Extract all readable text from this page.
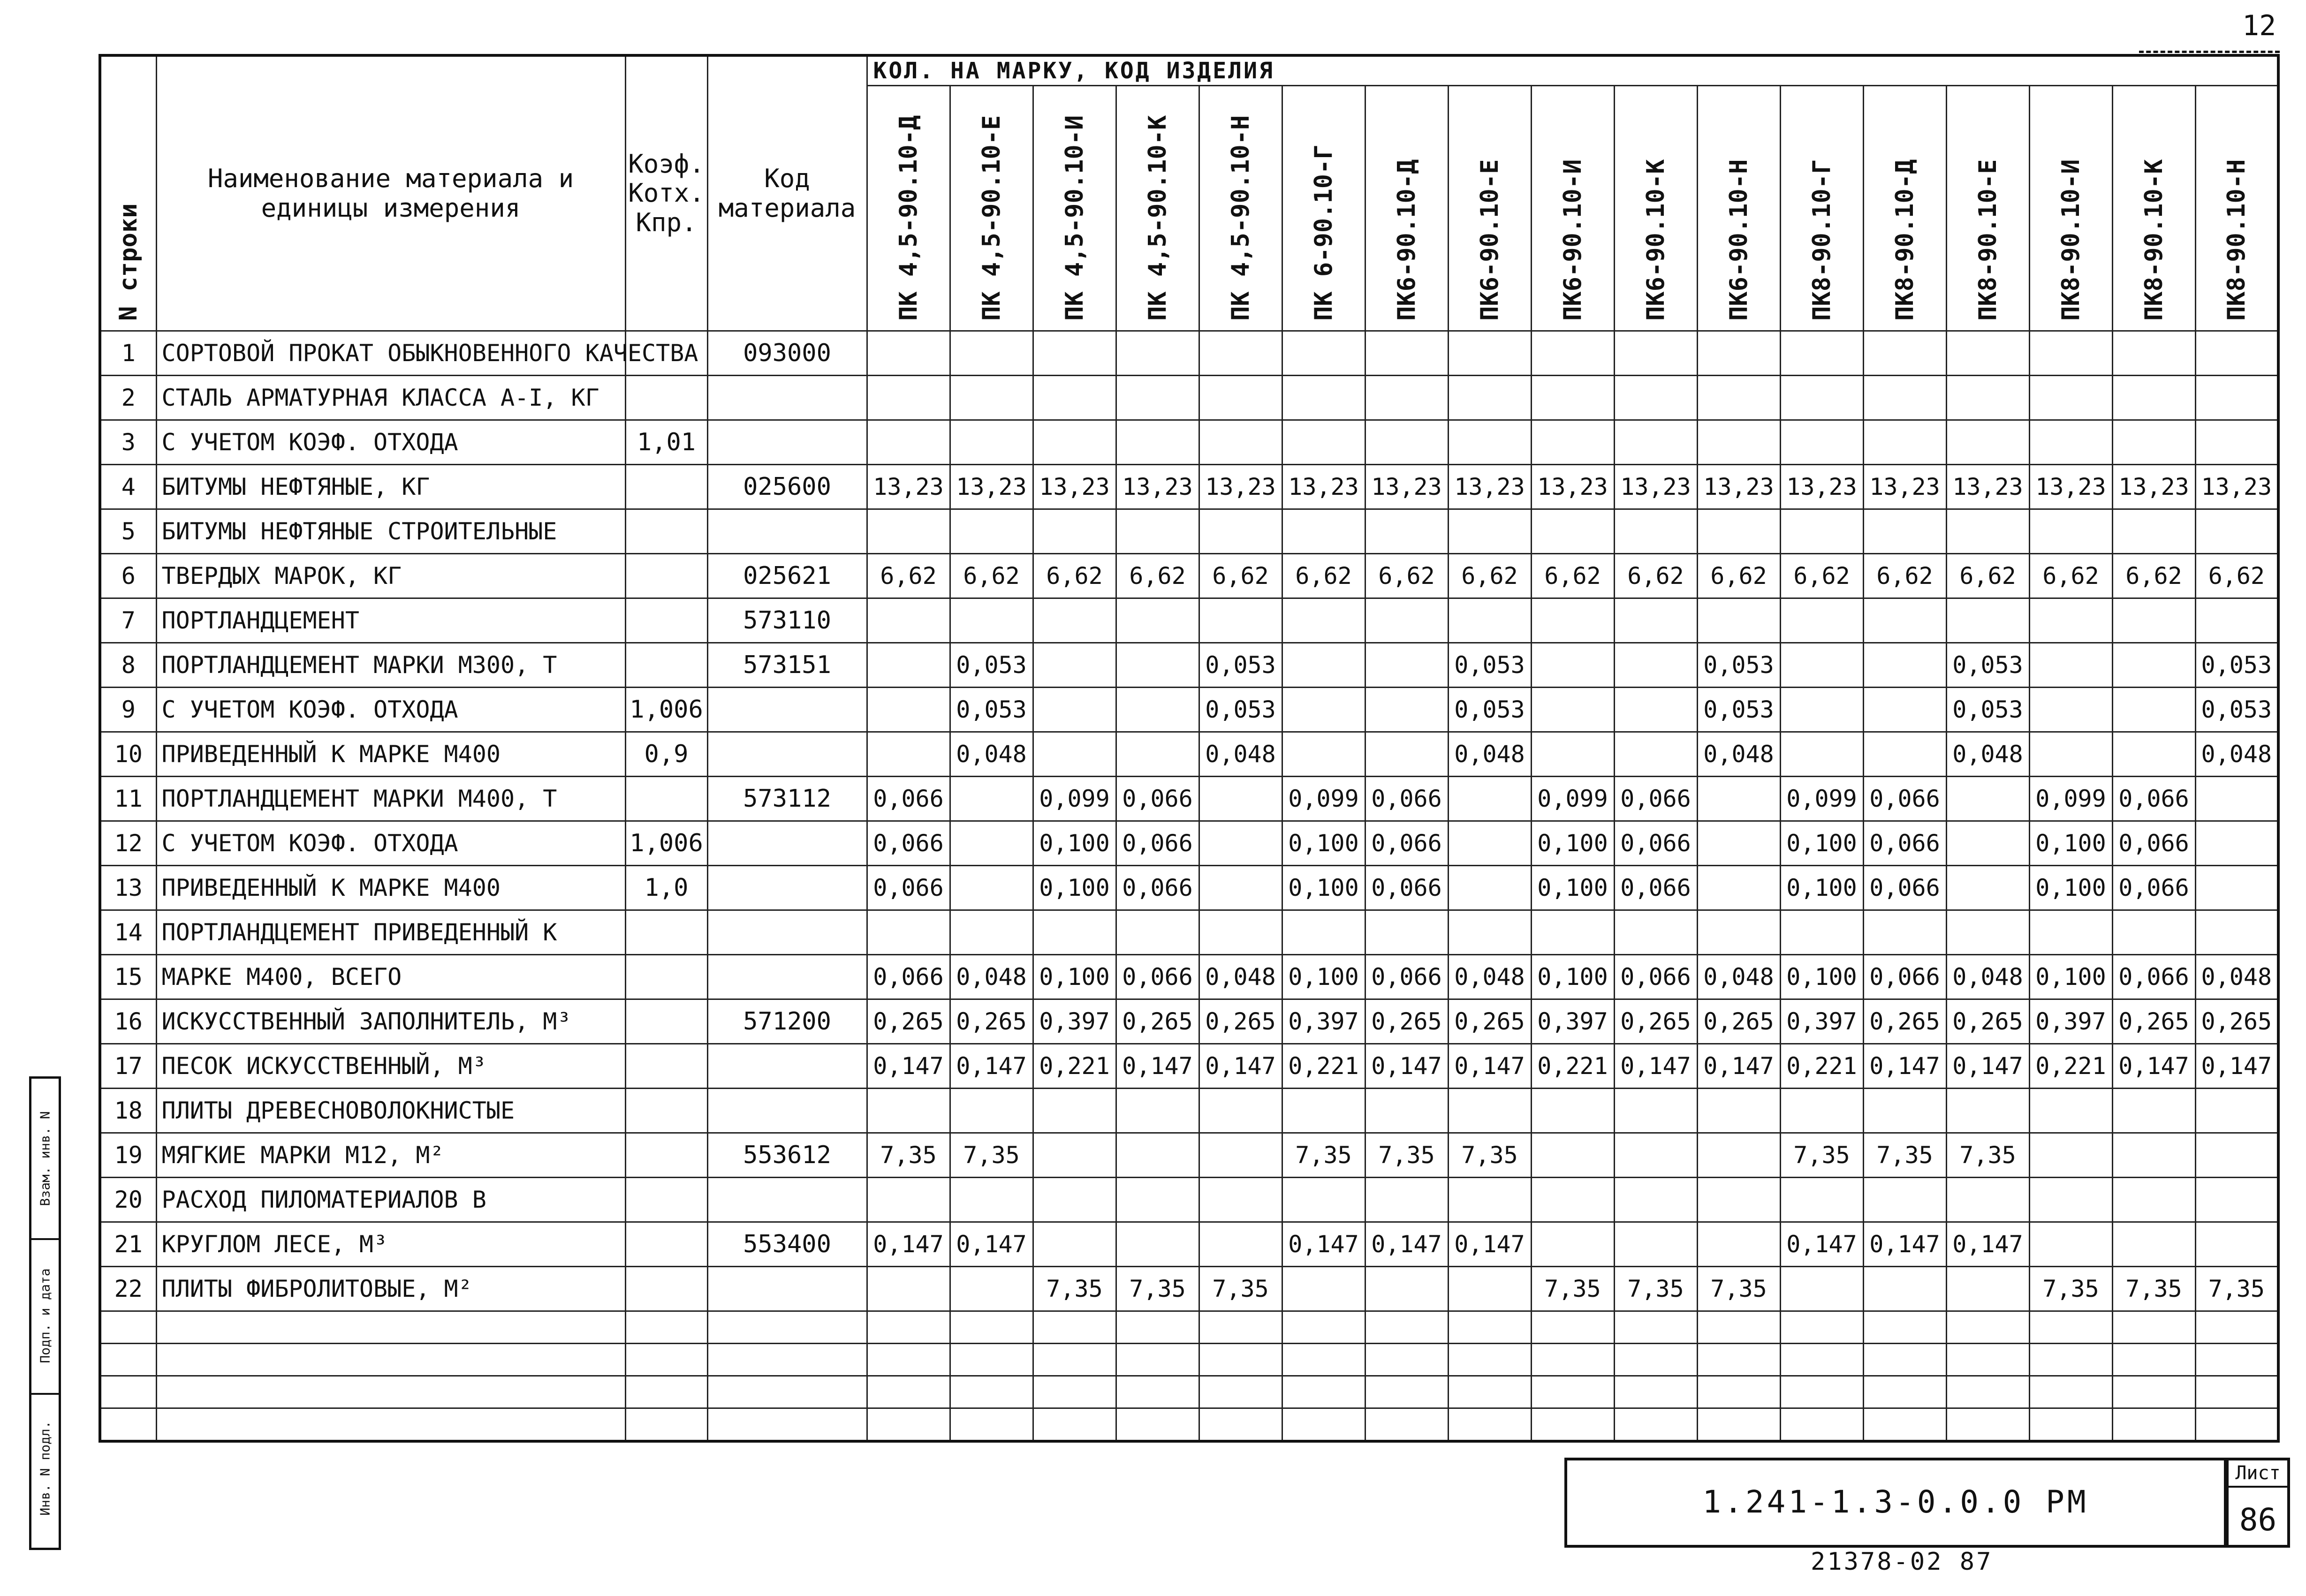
12
Взам. инв. N
Подп. и дата
Инв. N подл.
N строки	Наименование материала и единицы измерения	Коэф. Котх. Кпр.	Код материала	КОЛ. НА МАРКУ, КОД ИЗДЕЛИЯ																

				ПК 4,5-90.10-Д	ПК 4,5-90.10-Е	ПК 4,5-90.10-И	ПК 4,5-90.10-К	ПК 4,5-90.10-Н	ПК 6-90.10-Г	ПК6-90.10-Д	ПК6-90.10-Е	ПК6-90.10-И	ПК6-90.10-К	ПК6-90.10-Н	ПК8-90.10-Г	ПК8-90.10-Д	ПК8-90.10-Е	ПК8-90.10-И	ПК8-90.10-К	ПК8-90.10-Н

1	СОРТОВОЙ ПРОКАТ ОБЫКНОВЕННОГО КАЧЕСТВА		093000																	
2	СТАЛЬ АРМАТУРНАЯ КЛАССА А-I, КГ																			
3	С УЧЕТОМ КОЭФ. ОТХОДА	1,01																		
4	БИТУМЫ НЕФТЯНЫЕ, КГ		025600	13,23	13,23	13,23	13,23	13,23	13,23	13,23	13,23	13,23	13,23	13,23	13,23	13,23	13,23	13,23	13,23	13,23
5	БИТУМЫ НЕФТЯНЫЕ СТРОИТЕЛЬНЫЕ																			
6	ТВЕРДЫХ МАРОК, КГ		025621	6,62	6,62	6,62	6,62	6,62	6,62	6,62	6,62	6,62	6,62	6,62	6,62	6,62	6,62	6,62	6,62	6,62
7	ПОРТЛАНДЦЕМЕНТ		573110																	
8	ПОРТЛАНДЦЕМЕНТ МАРКИ М300, Т		573151		0,053			0,053			0,053			0,053			0,053			0,053
9	С УЧЕТОМ КОЭФ. ОТХОДА	1,006			0,053			0,053			0,053			0,053			0,053			0,053
10	ПРИВЕДЕННЫЙ К МАРКЕ М400	0,9			0,048			0,048			0,048			0,048			0,048			0,048
11	ПОРТЛАНДЦЕМЕНТ МАРКИ М400, Т		573112	0,066		0,099	0,066		0,099	0,066		0,099	0,066		0,099	0,066		0,099	0,066	
12	С УЧЕТОМ КОЭФ. ОТХОДА	1,006		0,066		0,100	0,066		0,100	0,066		0,100	0,066		0,100	0,066		0,100	0,066	
13	ПРИВЕДЕННЫЙ К МАРКЕ М400	1,0		0,066		0,100	0,066		0,100	0,066		0,100	0,066		0,100	0,066		0,100	0,066	
14	ПОРТЛАНДЦЕМЕНТ ПРИВЕДЕННЫЙ К																			
15	МАРКЕ М400, ВСЕГО			0,066	0,048	0,100	0,066	0,048	0,100	0,066	0,048	0,100	0,066	0,048	0,100	0,066	0,048	0,100	0,066	0,048
16	ИСКУССТВЕННЫЙ ЗАПОЛНИТЕЛЬ, М³		571200	0,265	0,265	0,397	0,265	0,265	0,397	0,265	0,265	0,397	0,265	0,265	0,397	0,265	0,265	0,397	0,265	0,265
17	ПЕСОК ИСКУССТВЕННЫЙ, М³			0,147	0,147	0,221	0,147	0,147	0,221	0,147	0,147	0,221	0,147	0,147	0,221	0,147	0,147	0,221	0,147	0,147
18	ПЛИТЫ ДРЕВЕСНОВОЛОКНИСТЫЕ																			
19	МЯГКИЕ МАРКИ М12, М²		553612	7,35	7,35				7,35	7,35	7,35				7,35	7,35	7,35			
20	РАСХОД ПИЛОМАТЕРИАЛОВ В																			
21	КРУГЛОМ ЛЕСЕ, М³		553400	0,147	0,147				0,147	0,147	0,147				0,147	0,147	0,147			
22	ПЛИТЫ ФИБРОЛИТОВЫЕ, М²					7,35	7,35	7,35				7,35	7,35	7,35				7,35	7,35	7,35

1.241-1.3-0.0.0 РМ
Лист
86
21378-02 87
